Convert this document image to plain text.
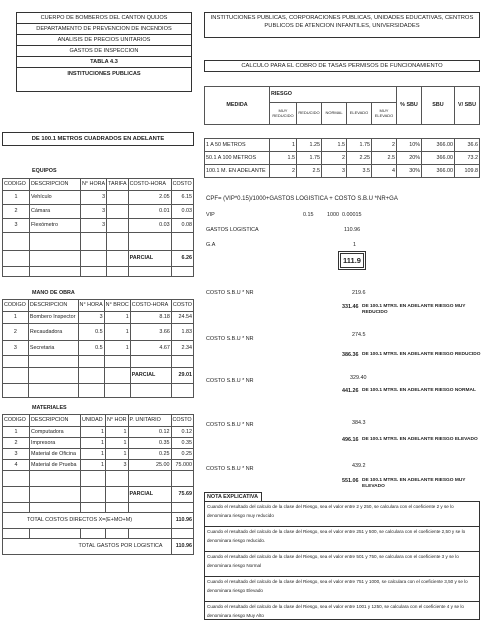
CUERPO DE BOMBEROS DEL CANTON QUIJOS
DEPARTAMENTO DE PREVENCION DE INCENDIOS
ANALISIS DE PRECIOS UNITARIOS
GASTOS DE INSPECCION
TABLA 4.3
INSTITUCIONES PUBLICAS
DE 100.1 METROS CUADRADOS EN ADELANTE
EQUIPOS
CODIGO	DESCRIPCION	N° HORA	TARIFA	COSTO-HORA	COSTO
1	Vehículo	3		2.05	6.15
2	Cámara	3		0.01	0.03
3	Flexómetro	3		0.03	0.08

				PARCIAL	6.26

MANO DE OBRA
CODIGO	DESCRIPCION	N° HORA	N° BROC	COSTO-HORA	COSTO
1	Bombero Inspector	3	1	8.18	24.54
2	Recaudadora	0.5	1	3.66	1.83
3	Secretaria	0.5	1	4.67	2.34

				PARCIAL	29.01

MATERIALES
CODIGO	DESCRIPCION	UNIDAD	N° HOR	P. UNITARIO	COSTO
1	Computadora	1	1	0.12	0.12
2	Impresora	1	1	0.35	0.35
3	Material de Oficina	1	1	0.25	0.25
4	Material de Prueba	1	3	25.00	75.000

				PARCIAL	75.69

TOTAL COSTOS DIRECTOS X=(E+MO+M)					110.96

TOTAL GASTOS POR LOGISTICA					110.96
INSTITUCIONES PUBLICAS, CORPORACIONES PUBLICAS, UNIDADES EDUCATIVAS, CENTROS PUBLICOS DE ATENCION INFANTILES, UNIVERSIDADES
CALCULO PARA EL COBRO DE TASAS PERMISOS DE FUNCIONAMIENTO
MEDIDA	RIESGO					% SBU	SBU	V/ SBU
	MUY REDUCIDO	REDUCIDO	NORMAL	ELEVADO	MUY ELEVADO			

1 A 50 METROS	1	1.25	1.5	1.75	2	10%	366.00	36.6
50.1 A 100 METROS	1.5	1.75	2	2.25	2.5	20%	366.00	73.2
100.1 M. EN ADELANTE	2	2.5	3	3.5	4	30%	366.00	109.8
CPF= (VIP*0.15)/1000+GASTOS LOGISTICA + COSTO S.B.U *NR+GA
VIP	0.15	1000 0.00015
GASTOS LOGISTICA	110.96
G.A	1
111.9
COSTO S.B.U * NR	219.6
331.46 DE 100.1 MTRS. EN ADELANTE RIESGO MUY REDUCIDO
COSTO S.B.U * NR
274.5
386.36 DE 100.1 MTRS. EN ADELANTE RIESGO REDUCIDO
COSTO S.B.U * NR	329.40
441.26 DE 100.1 MTRS. EN ADELANTE RIESGO NORMAL
COSTO S.B.U * NR	384.3
496.16 DE 100.1 MTRS. EN ADELANTE RIESGO ELEVADO
COSTO S.B.U * NR	439.2
551.06 DE 100.1 MTRS. EN ADELANTE RIESGO MUY ELEVADO
NOTA EXPLICATIVA
Cuando el resultado del calculo de la clase del Riesgo, sea el valor entre 2 y 250, se calculara con el coeficiente 2 y se lo denominara riesgo muy reducido
Cuando el resultado del calculo de la clase del Riesgo, sea el valor entre 251 y 500, se calculara con el coeficiente 2,50 y se lo denominara riesgo reducido.
Cuando el resultado del calculo de la clase del Riesgo, sea el valor entre 501 y 750, se calculara con el coeficiente 3 y se lo denominara riesgo Normal
Cuando el resultado del calculo de la clase del Riesgo, sea el valor entre 751 y 1000, se calculara con el coeficiente 3,50 y se lo denominara riesgo Elevado
Cuando el resultado del calculo de la clase del Riesgo, sea el valor entre 1001 y 1250, se calculara con el coeficiente 4 y se lo denominara riesgo Muy Alto
